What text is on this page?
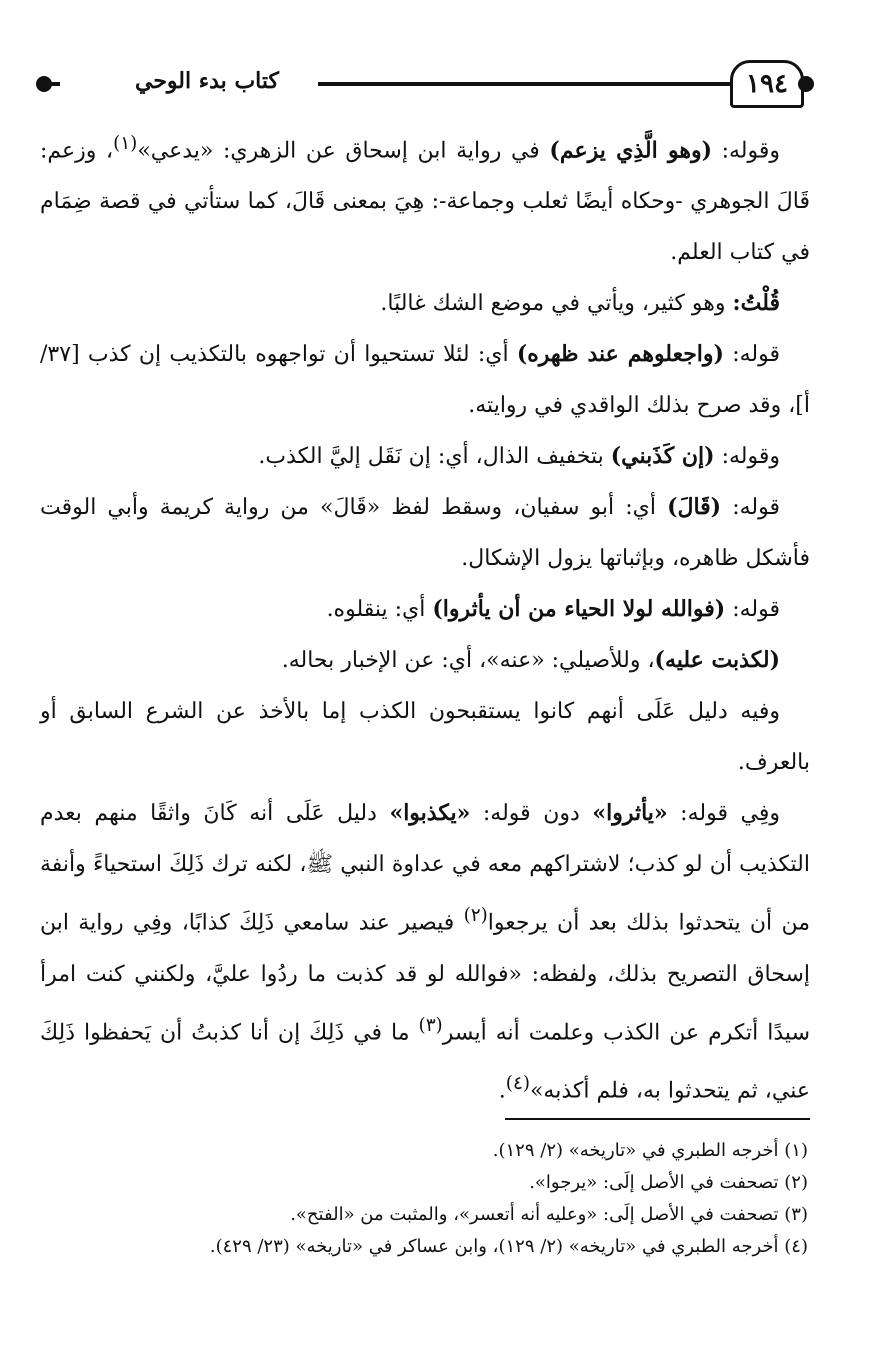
كتاب بدء الوحي	١٩٤

وقوله: (وهو الَّذِي يزعم) في رواية ابن إسحاق عن الزهري: «يدعي»$^{(١)}$، وزعم: قَالَ الجوهري -وحكاه أيضًا ثعلب وجماعة-: هِيَ بمعنى قَالَ، كما ستأتي في قصة ضِمَام في كتاب العلم.

قُلْتُ: وهو كثير، ويأتي في موضع الشك غالبًا.

قوله: (واجعلوهم عند ظهره) أي: لئلا تستحيوا أن تواجهوه بالتكذيب إن كذب [٣٧/أ]، وقد صرح بذلك الواقدي في روايته.

وقوله: (إن كَذَبني) بتخفيف الذال، أي: إن نَقَل إليَّ الكذب.

قوله: (قَالَ) أي: أبو سفيان، وسقط لفظ «قَالَ» من رواية كريمة وأبي الوقت فأشكل ظاهره، وبإثباتها يزول الإشكال.

قوله: (فوالله لولا الحياء من أن يأثروا) أي: ينقلوه.

(لكذبت عليه)، وللأصيلي: «عنه»، أي: عن الإخبار بحاله.

وفيه دليل عَلَى أنهم كانوا يستقبحون الكذب إما بالأخذ عن الشرع السابق أو بالعرف.

وفِي قوله: «يأثروا» دون قوله: «يكذبوا» دليل عَلَى أنه كَانَ واثقًا منهم بعدم التكذيب أن لو كذب؛ لاشتراكهم معه في عداوة النبي ﷺ، لكنه ترك ذَلِكَ استحياءً وأنفة من أن يتحدثوا بذلك بعد أن يرجعوا$^{(٢)}$ فيصير عند سامعي ذَلِكَ كذابًا، وفِي رواية ابن إسحاق التصريح بذلك، ولفظه: «فوالله لو قد كذبت ما ردُوا عليَّ، ولكنني كنت امرأ سيدًا أتكرم عن الكذب وعلمت أنه أيسر$^{(٣)}$ ما في ذَلِكَ إن أنا كذبتُ أن يَحفظوا ذَلِكَ عني، ثم يتحدثوا به، فلم أكذبه»$^{(٤)}$.

(١) أخرجه الطبري في «تاريخه» (٢/ ١٢٩).

(٢) تصحفت في الأصل إلَى: «يرجوا».

(٣) تصحفت في الأصل إلَى: «وعليه أنه أتعسر»، والمثبت من «الفتح».

(٤) أخرجه الطبري في «تاريخه» (٢/ ١٢٩)، وابن عساكر في «تاريخه» (٢٣/ ٤٢٩).
